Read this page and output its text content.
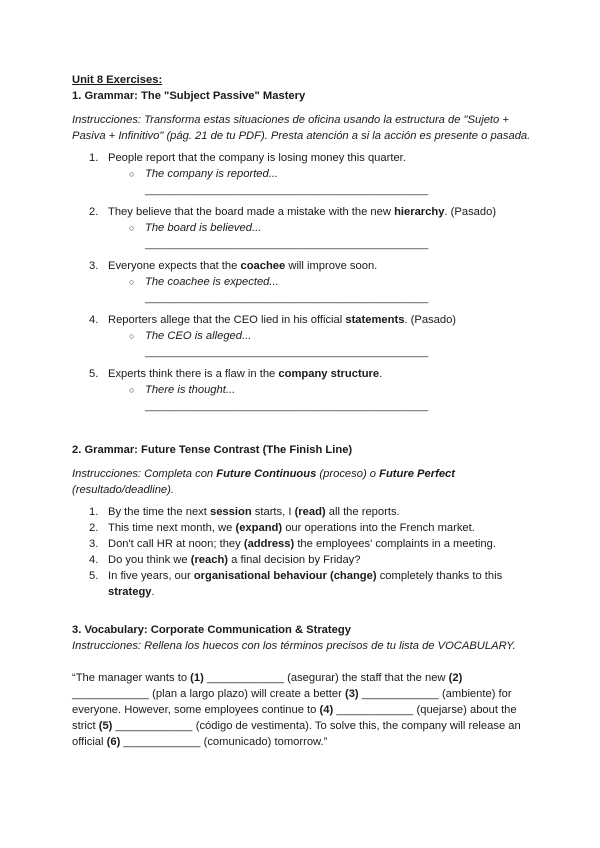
Unit 8 Exercises:

1. Grammar: The "Subject Passive" Mastery

Instrucciones: Transforma estas situaciones de oficina usando la estructura de "Sujeto + Pasiva + Infinitivo" (pág. 21 de tu PDF). Presta atención a si la acción es presente o pasada.

1. People report that the company is losing money this quarter.
○ The company is reported...
_______________________________________________
2. They believe that the board made a mistake with the new hierarchy. (Pasado)
○ The board is believed...
_______________________________________________
3. Everyone expects that the coachee will improve soon.
○ The coachee is expected...
_______________________________________________
4. Reporters allege that the CEO lied in his official statements. (Pasado)
○ The CEO is alleged...
_______________________________________________
5. Experts think there is a flaw in the company structure.
○ There is thought...
_______________________________________________

2. Grammar: Future Tense Contrast (The Finish Line)

Instrucciones: Completa con Future Continuous (proceso) o Future Perfect (resultado/deadline).

1. By the time the next session starts, I (read) all the reports.
2. This time next month, we (expand) our operations into the French market.
3. Don't call HR at noon; they (address) the employees' complaints in a meeting.
4. Do you think we (reach) a final decision by Friday?
5. In five years, our organisational behaviour (change) completely thanks to this strategy.

3. Vocabulary: Corporate Communication & Strategy

Instrucciones: Rellena los huecos con los términos precisos de tu lista de VOCABULARY.

“The manager wants to (1) ____________ (asegurar) the staff that the new (2) ____________ (plan a largo plazo) will create a better (3) ____________ (ambiente) for everyone. However, some employees continue to (4) ____________ (quejarse) about the strict (5) ____________ (código de vestimenta). To solve this, the company will release an official (6) ____________ (comunicado) tomorrow.”
